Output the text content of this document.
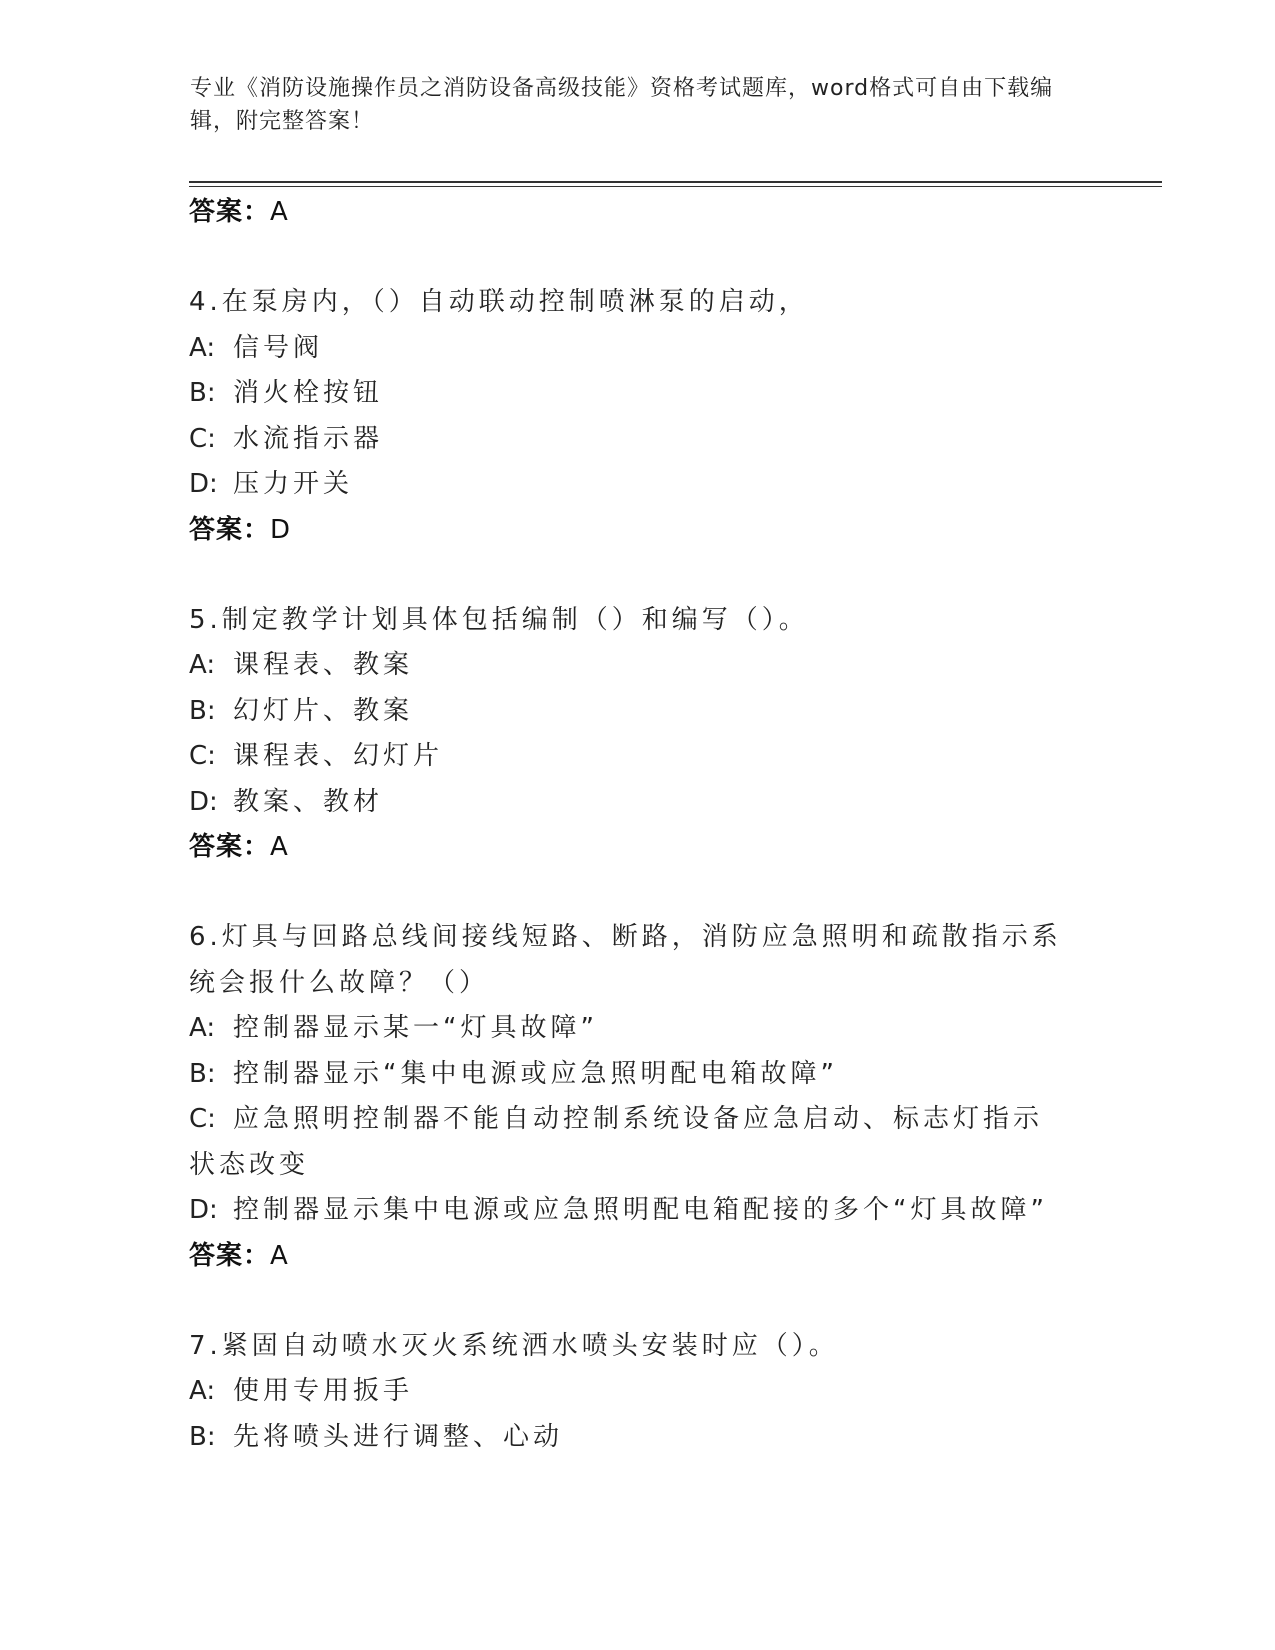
专业《消防设施操作员之消防设备高级技能》资格考试题库，word格式可自由下载编辑，附完整答案！
答案：A
4.在泵房内，（）自动联动控制喷淋泵的启动，
A: 信号阀
B: 消火栓按钮
C: 水流指示器
D: 压力开关
答案：D
5.制定教学计划具体包括编制（）和编写（）。
A: 课程表、教案
B: 幻灯片、教案
C: 课程表、幻灯片
D: 教案、教材
答案：A
6.灯具与回路总线间接线短路、断路，消防应急照明和疏散指示系统会报什么故障？（）
A: 控制器显示某一“灯具故障”
B: 控制器显示“集中电源或应急照明配电箱故障”
C: 应急照明控制器不能自动控制系统设备应急启动、标志灯指示状态改变
D: 控制器显示集中电源或应急照明配电箱配接的多个“灯具故障”
答案：A
7.紧固自动喷水灭火系统洒水喷头安装时应（）。
A: 使用专用扳手
B: 先将喷头进行调整、心动
